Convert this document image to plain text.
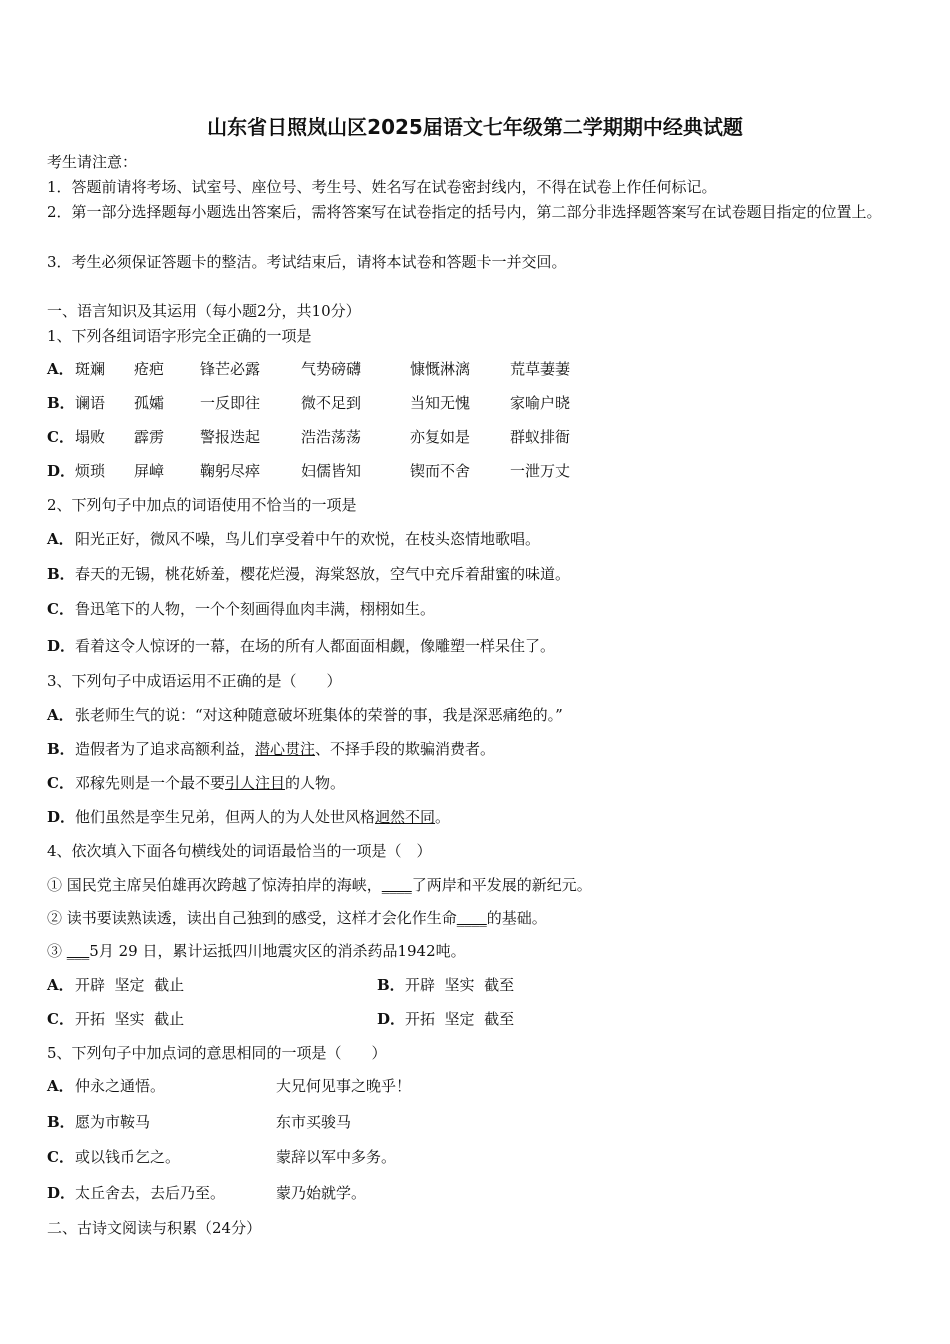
山东省日照岚山区2025届语文七年级第二学期期中经典试题
考生请注意：
1．答题前请将考场、试室号、座位号、考生号、姓名写在试卷密封线内，不得在试卷上作任何标记。
2．第一部分选择题每小题选出答案后，需将答案写在试卷指定的括号内，第二部分非选择题答案写在试卷题目指定的位置上。
3．考生必须保证答题卡的整洁。考试结束后，请将本试卷和答题卡一并交回。
一、语言知识及其运用（每小题2分，共10分）
1、下列各组词语字形完全正确的一项是
A． 斑斓 疮疤 锋芒必露	气势磅礴	慷慨淋漓	荒草萋萋
B． 谰语 孤孀 一反即往	微不足到	当知无愧	家喻户晓
C． 塌败 霹雳 警报迭起	浩浩荡荡	亦复如是	群蚁排衙
D． 烦琐 屏嶂 鞠躬尽瘁	妇儒皆知	锲而不舍	一泄万丈
2、下列句子中加点的词语使用不恰当的一项是
A． 阳光正好，微风不噪，鸟儿们享受着中午的欢悦，在枝头恣情地歌唱。
B． 春天的无锡，桃花娇羞，樱花烂漫，海棠怒放，空气中充斥着甜蜜的味道。
C． 鲁迅笔下的人物，一个个刻画得血肉丰满，栩栩如生。
D． 看着这令人惊讶的一幕，在场的所有人都面面相觑，像雕塑一样呆住了。
3、下列句子中成语运用不正确的是（　　）
A． 张老师生气的说：“对这种随意破坏班集体的荣誉的事，我是深恶痛绝的。”
B． 造假者为了追求高额利益，潜心贯注、不择手段的欺骗消费者。
C． 邓稼先则是一个最不要引人注目的人物。
D． 他们虽然是孪生兄弟，但两人的为人处世风格迥然不同。
4、依次填入下面各句横线处的词语最恰当的一项是（　）
① 国民党主席吴伯雄再次跨越了惊涛拍岸的海峡，____了两岸和平发展的新纪元。
② 读书要读熟读透，读出自己独到的感受，这样才会化作生命____的基础。
③ ___5月 29 日，累计运抵四川地震灾区的消杀药品1942吨。
A． 开辟  坚定  截止	B． 开辟  坚实  截至
C． 开拓  坚实  截止	D． 开拓  坚定  截至
5、下列句子中加点词的意思相同的一项是（　　）
A． 仲永之通悟。	大兄何见事之晚乎！
B． 愿为市鞍马	东市买骏马
C． 或以钱币乞之。	蒙辞以军中多务。
D． 太丘舍去，去后乃至。	蒙乃始就学。
二、古诗文阅读与积累（24分）
